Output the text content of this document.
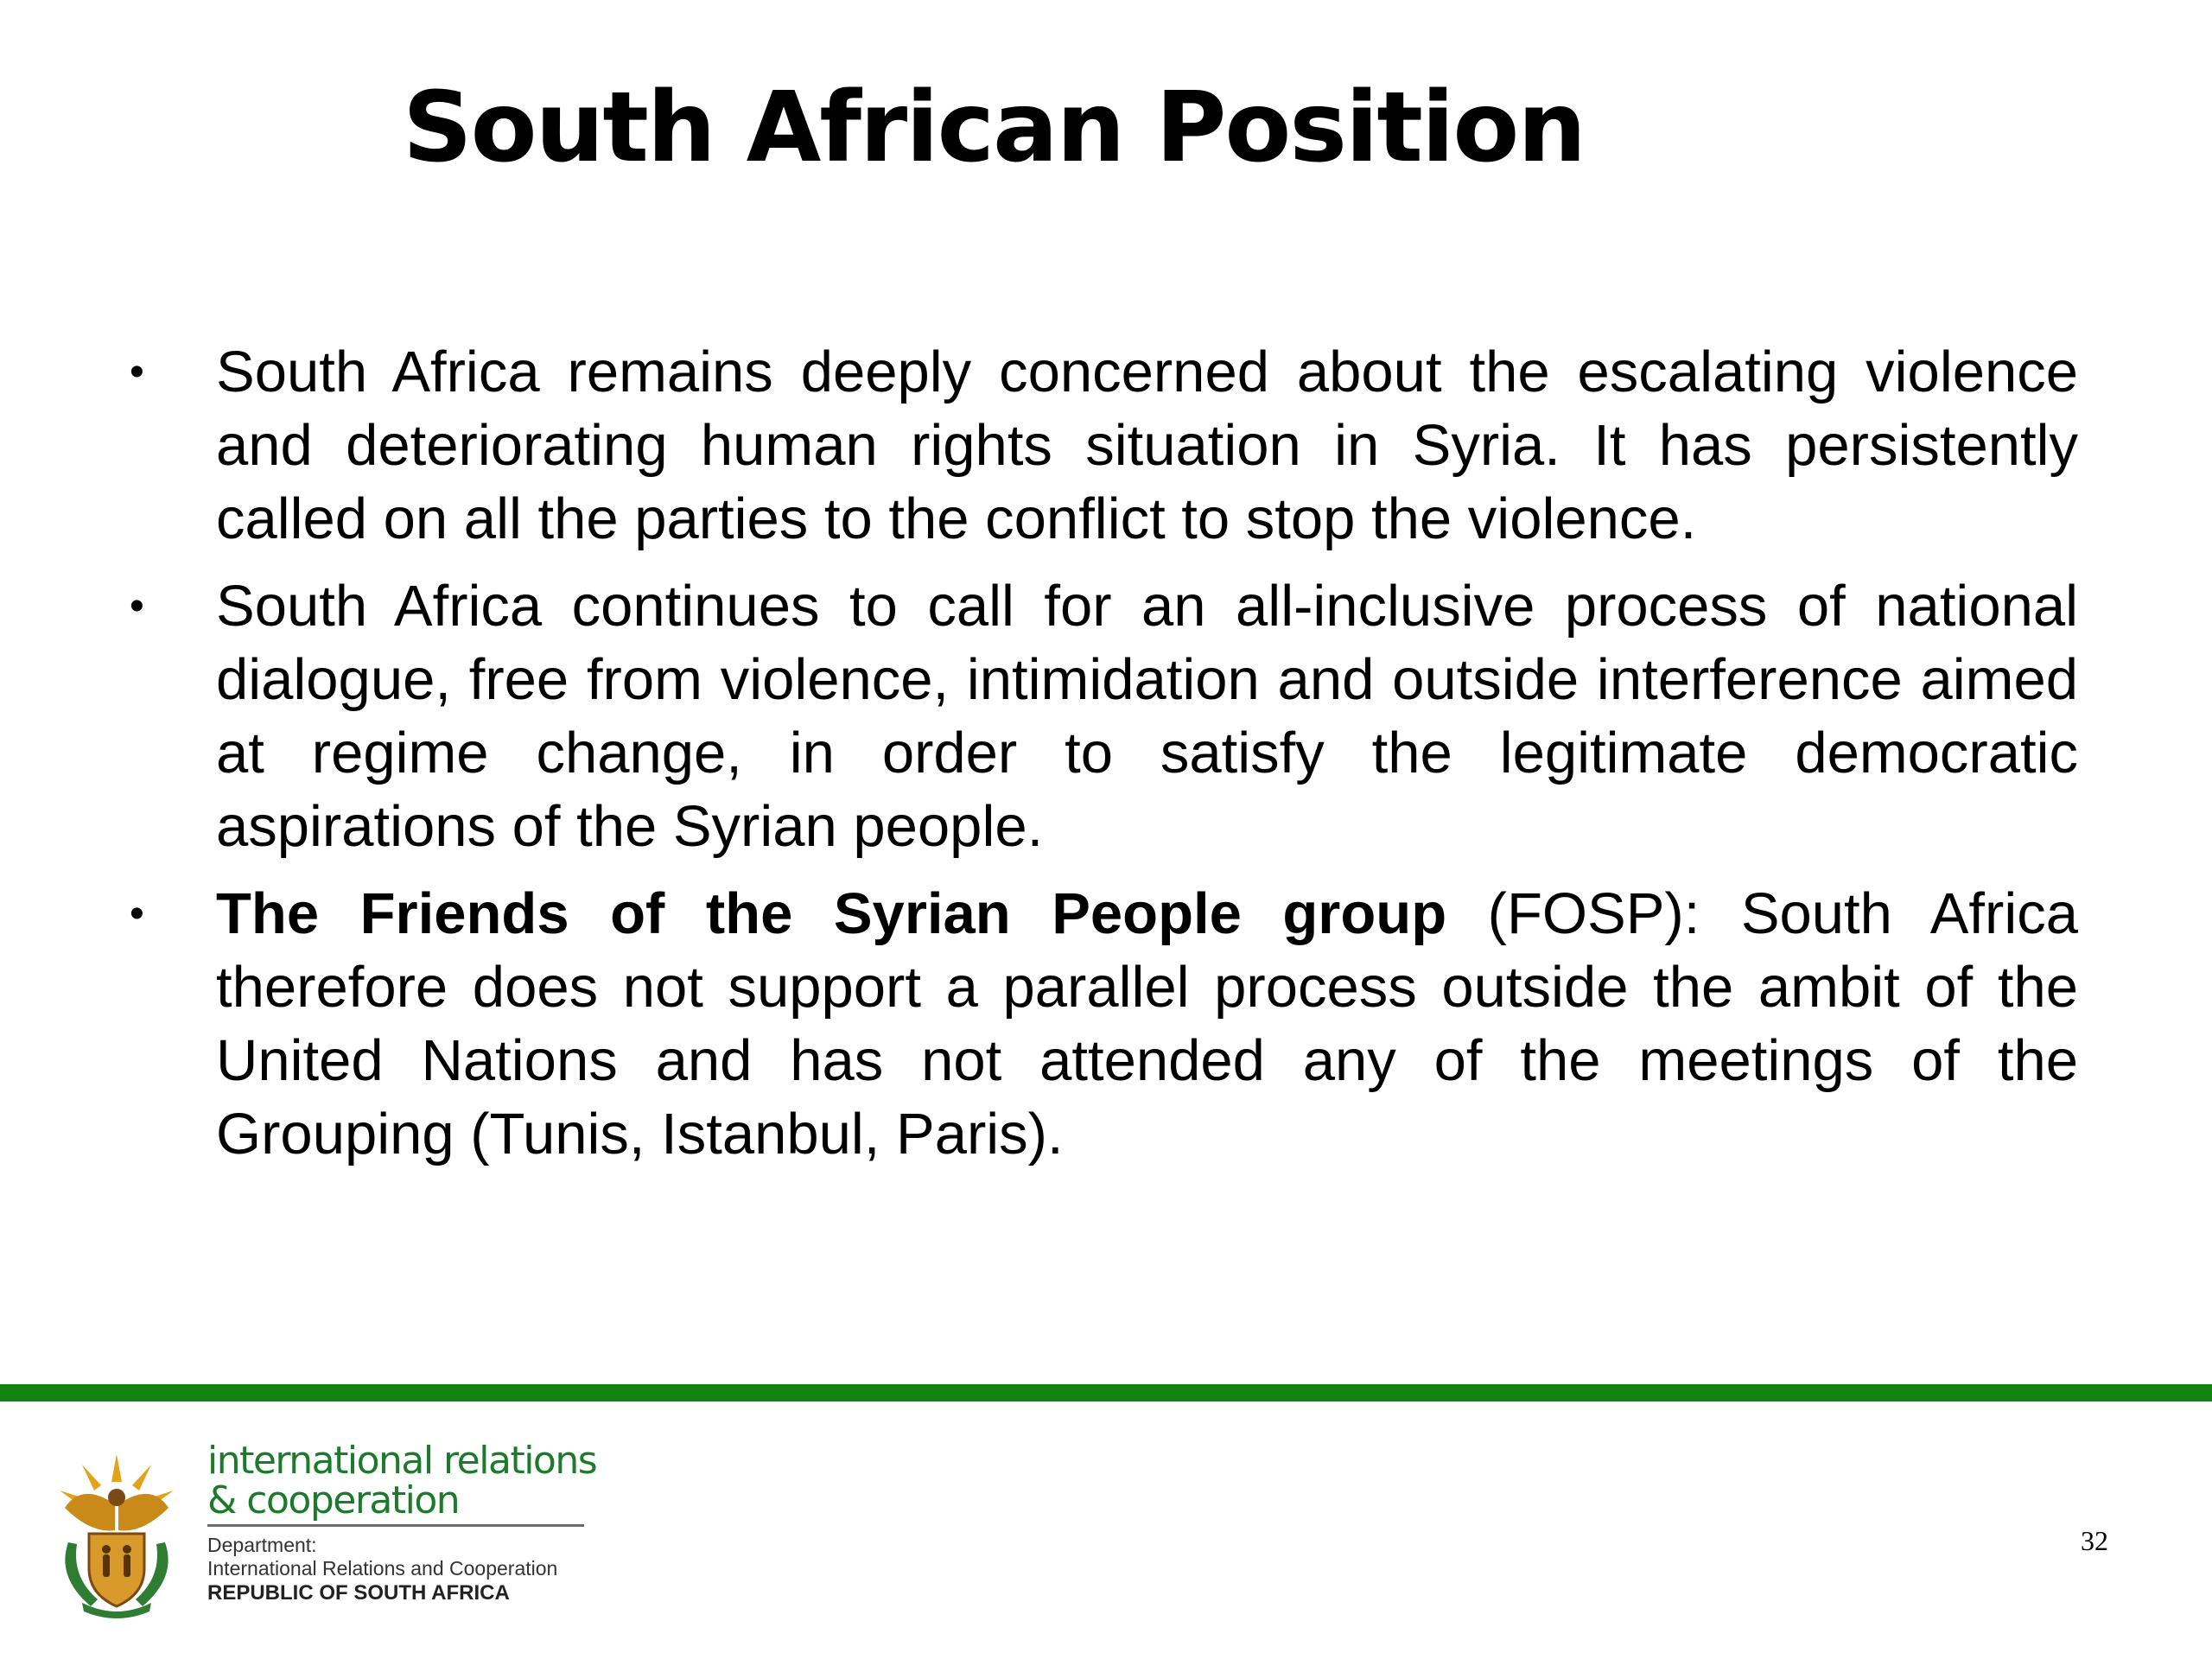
South African Position
• South Africa remains deeply concerned about the escalating violence and deteriorating human rights situation in Syria. It has persistently called on all the parties to the conflict to stop the violence.
• South Africa continues to call for an all-inclusive process of national dialogue, free from violence, intimidation and outside interference aimed at regime change, in order to satisfy the legitimate democratic aspirations of the Syrian people.
• The Friends of the Syrian People group (FOSP): South Africa therefore does not support a parallel process outside the ambit of the United Nations and has not attended any of the meetings of the Grouping (Tunis, Istanbul, Paris).
international relations
& cooperation
Department:
International Relations and Cooperation
REPUBLIC OF SOUTH AFRICA
32
